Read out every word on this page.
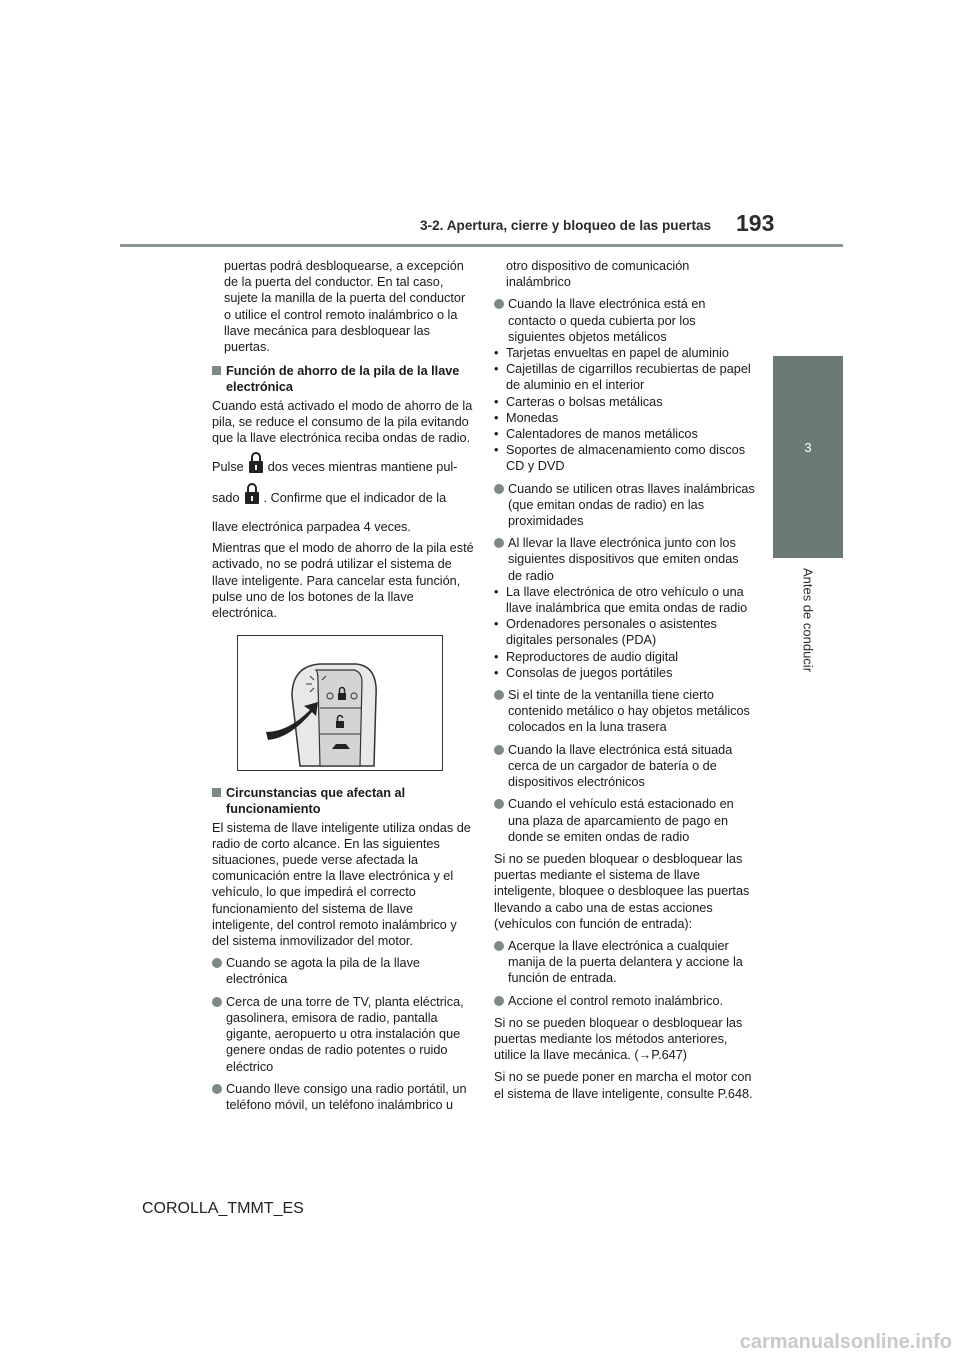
3-2. Apertura, cierre y bloqueo de las puertas 193
3
Antes de conducir

puertas podrá desbloquearse, a excepción de la puerta del conductor. En tal caso, sujete la manilla de la puerta del conductor o utilice el control remoto inalámbrico o la llave mecánica para desbloquear las puertas.

Función de ahorro de la pila de la llave electrónica

Cuando está activado el modo de ahorro de la pila, se reduce el consumo de la pila evitando que la llave electrónica reciba ondas de radio.

Pulse dos veces mientras mantiene pul-
sado . Confirme que el indicador de la
llave electrónica parpadea 4 veces.

Mientras que el modo de ahorro de la pila esté activado, no se podrá utilizar el sistema de llave inteligente. Para cancelar esta función, pulse uno de los botones de la llave electrónica.

Circunstancias que afectan al funcionamiento

El sistema de llave inteligente utiliza ondas de radio de corto alcance. En las siguientes situaciones, puede verse afectada la comunicación entre la llave electrónica y el vehículo, lo que impedirá el correcto funcionamiento del sistema de llave inteligente, del control remoto inalámbrico y del sistema inmovilizador del motor.

Cuando se agota la pila de la llave electrónica
Cerca de una torre de TV, planta eléctrica, gasolinera, emisora de radio, pantalla gigante, aeropuerto u otra instalación que genere ondas de radio potentes o ruido eléctrico
Cuando lleve consigo una radio portátil, un teléfono móvil, un teléfono inalámbrico u

otro dispositivo de comunicación inalámbrico

Cuando la llave electrónica está en contacto o queda cubierta por los siguientes objetos metálicos
• Tarjetas envueltas en papel de aluminio
• Cajetillas de cigarrillos recubiertas de papel de aluminio en el interior
• Carteras o bolsas metálicas
• Monedas
• Calentadores de manos metálicos
• Soportes de almacenamiento como discos CD y DVD
Cuando se utilicen otras llaves inalámbricas (que emitan ondas de radio) en las proximidades
Al llevar la llave electrónica junto con los siguientes dispositivos que emiten ondas de radio
• La llave electrónica de otro vehículo o una llave inalámbrica que emita ondas de radio
• Ordenadores personales o asistentes digitales personales (PDA)
• Reproductores de audio digital
• Consolas de juegos portátiles
Si el tinte de la ventanilla tiene cierto contenido metálico o hay objetos metálicos colocados en la luna trasera
Cuando la llave electrónica está situada cerca de un cargador de batería o de dispositivos electrónicos
Cuando el vehículo está estacionado en una plaza de aparcamiento de pago en donde se emiten ondas de radio

Si no se pueden bloquear o desbloquear las puertas mediante el sistema de llave inteligente, bloquee o desbloquee las puertas llevando a cabo una de estas acciones (vehículos con función de entrada):

Acerque la llave electrónica a cualquier manija de la puerta delantera y accione la función de entrada.
Accione el control remoto inalámbrico.

Si no se pueden bloquear o desbloquear las puertas mediante los métodos anteriores, utilice la llave mecánica. (→P.647)

Si no se puede poner en marcha el motor con el sistema de llave inteligente, consulte P.648.

COROLLA_TMMT_ES
carmanualsonline.info
